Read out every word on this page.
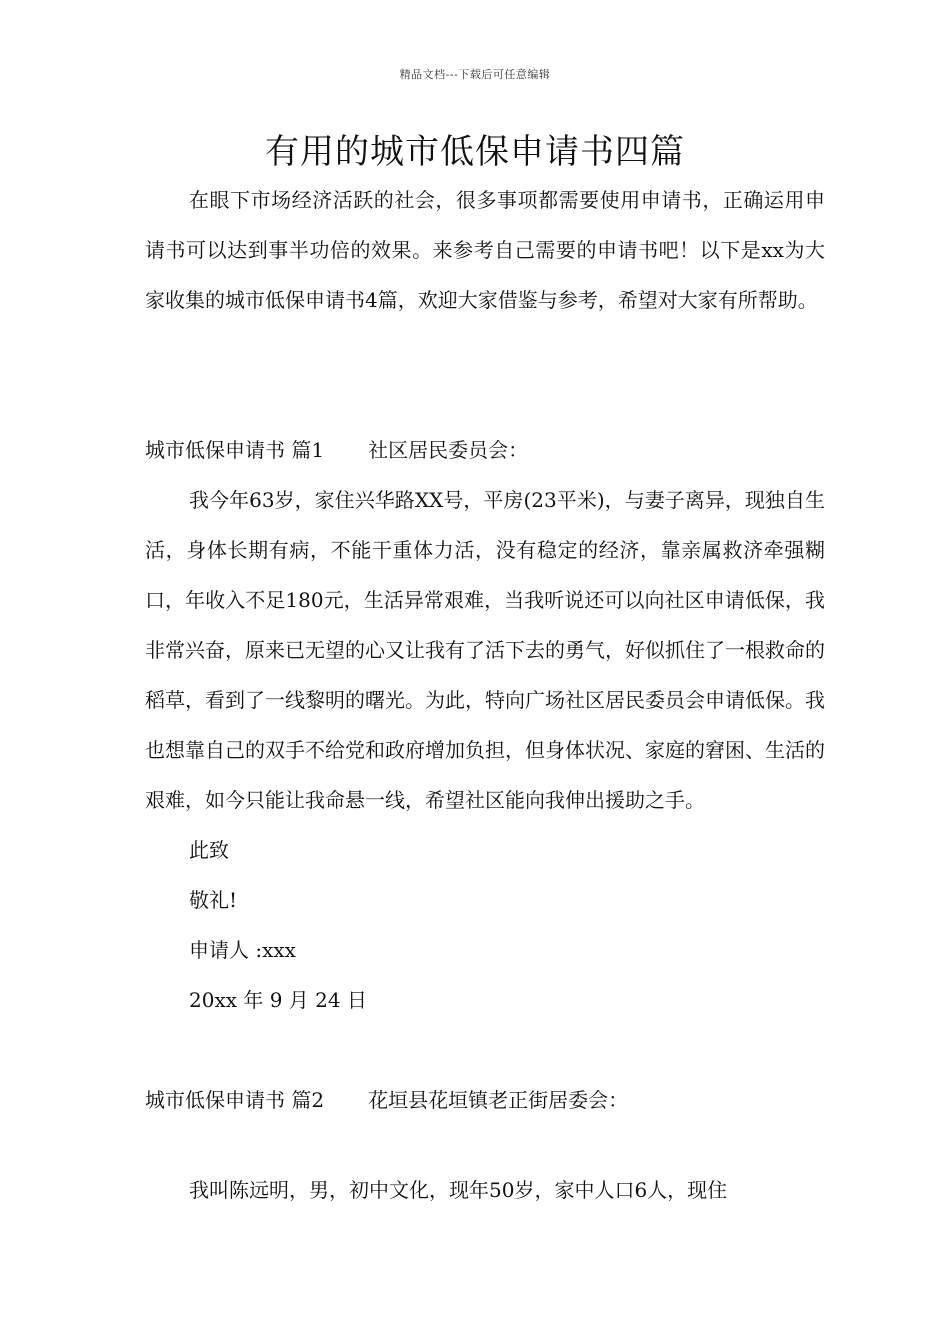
精品文档---下载后可任意编辑
有用的城市低保申请书四篇

在眼下市场经济活跃的社会，很多事项都需要使用申请书，正确运用申请书可以达到事半功倍的效果。来参考自己需要的申请书吧！以下是xx为大家收集的城市低保申请书4篇，欢迎大家借鉴与参考，希望对大家有所帮助。

城市低保申请书 篇1 社区居民委员会：

我今年63岁，家住兴华路XX号，平房(23平米)，与妻子离异，现独自生活，身体长期有病，不能干重体力活，没有稳定的经济，靠亲属救济牵强糊口，年收入不足180元，生活异常艰难，当我听说还可以向社区申请低保，我非常兴奋，原来已无望的心又让我有了活下去的勇气，好似抓住了一根救命的稻草，看到了一线黎明的曙光。为此，特向广场社区居民委员会申请低保。我也想靠自己的双手不给党和政府增加负担，但身体状况、家庭的窘困、生活的艰难，如今只能让我命悬一线，希望社区能向我伸出援助之手。

此致

敬礼!

申请人 :xxx

20xx 年 9 月 24 日

城市低保申请书 篇2 花垣县花垣镇老正街居委会：

我叫陈远明，男，初中文化，现年50岁，家中人口6人，现住
